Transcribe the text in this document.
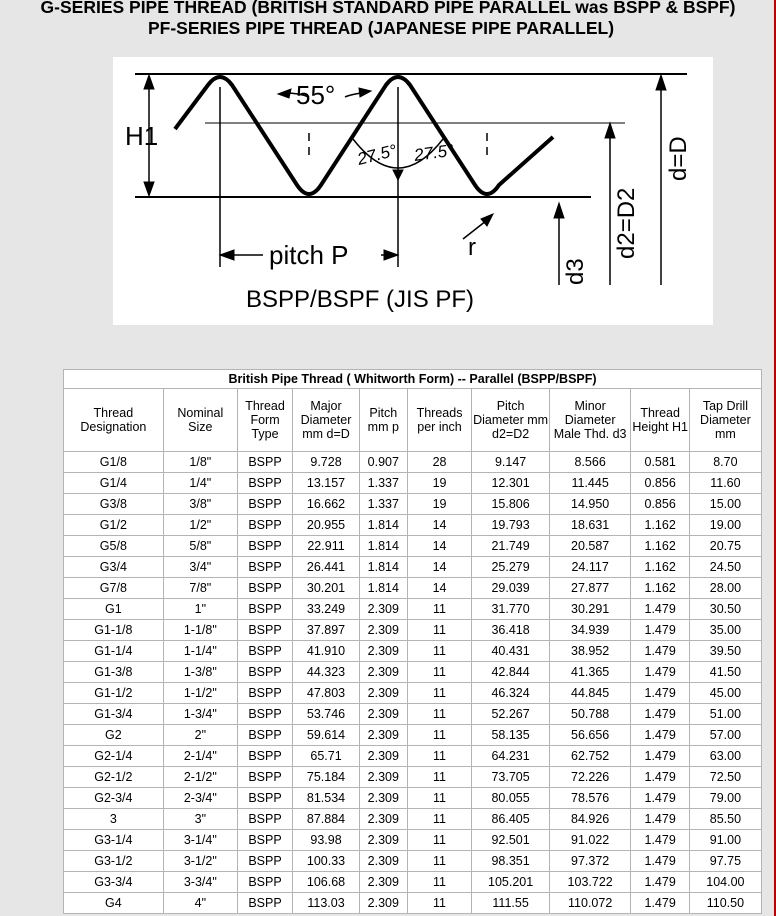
G-SERIES PIPE THREAD (BRITISH STANDARD PIPE PARALLEL was BSPP & BSPF)
PF-SERIES PIPE THREAD (JAPANESE PIPE PARALLEL)
H1
55°
27.5° 27.5°
pitch P	r
BSPP/BSPF (JIS PF)
d3
d2=D2
d=D
British Pipe Thread ( Whitworth Form) -- Parallel (BSPP/BSPF)									
Thread Designation	Nominal Size	Thread Form Type	Major Diameter mm d=D	Pitch mm p	Threads per inch	Pitch Diameter mm d2=D2	Minor Diameter Male Thd. d3	Thread Height H1	Tap Drill Diameter mm
G1/8	1/8"	BSPP	9.728	0.907	28	9.147	8.566	0.581	8.70
G1/4	1/4"	BSPP	13.157	1.337	19	12.301	11.445	0.856	11.60
G3/8	3/8"	BSPP	16.662	1.337	19	15.806	14.950	0.856	15.00
G1/2	1/2"	BSPP	20.955	1.814	14	19.793	18.631	1.162	19.00
G5/8	5/8"	BSPP	22.911	1.814	14	21.749	20.587	1.162	20.75
G3/4	3/4"	BSPP	26.441	1.814	14	25.279	24.117	1.162	24.50
G7/8	7/8"	BSPP	30.201	1.814	14	29.039	27.877	1.162	28.00
G1	1"	BSPP	33.249	2.309	11	31.770	30.291	1.479	30.50
G1-1/8	1-1/8"	BSPP	37.897	2.309	11	36.418	34.939	1.479	35.00
G1-1/4	1-1/4"	BSPP	41.910	2.309	11	40.431	38.952	1.479	39.50
G1-3/8	1-3/8"	BSPP	44.323	2.309	11	42.844	41.365	1.479	41.50
G1-1/2	1-1/2"	BSPP	47.803	2.309	11	46.324	44.845	1.479	45.00
G1-3/4	1-3/4"	BSPP	53.746	2.309	11	52.267	50.788	1.479	51.00
G2	2"	BSPP	59.614	2.309	11	58.135	56.656	1.479	57.00
G2-1/4	2-1/4"	BSPP	65.71	2.309	11	64.231	62.752	1.479	63.00
G2-1/2	2-1/2"	BSPP	75.184	2.309	11	73.705	72.226	1.479	72.50
G2-3/4	2-3/4"	BSPP	81.534	2.309	11	80.055	78.576	1.479	79.00
3	3"	BSPP	87.884	2.309	11	86.405	84.926	1.479	85.50
G3-1/4	3-1/4"	BSPP	93.98	2.309	11	92.501	91.022	1.479	91.00
G3-1/2	3-1/2"	BSPP	100.33	2.309	11	98.351	97.372	1.479	97.75
G3-3/4	3-3/4"	BSPP	106.68	2.309	11	105.201	103.722	1.479	104.00
G4	4"	BSPP	113.03	2.309	11	111.55	110.072	1.479	110.50
